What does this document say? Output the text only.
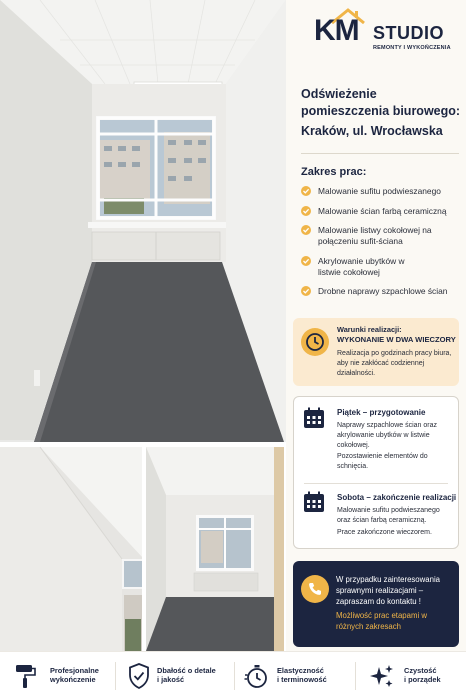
KM STUDIO
REMONTY I WYKOŃCZENIA
Odświeżenie pomieszczenia biurowego:
Kraków, ul. Wrocławska
Zakres prac:
Malowanie sufitu podwieszanego
Malowanie ścian farbą ceramiczną
Malowanie listwy cokołowej na połączeniu sufit-ściana
Akrylowanie ubytków w listwie cokołowej
Drobne naprawy szpachlowe ścian
Warunki realizacji:
WYKONANIE W DWA WIECZORY
Realizacja po godzinach pracy biura, aby nie zakłócać codziennej działalności.
Piątek – przygotowanie
Naprawy szpachlowe ścian oraz akrylowanie ubytków w listwie cokołowej.
Pozostawienie elementów do schnięcia.
Sobota – zakończenie realizacji
Malowanie sufitu podwieszanego oraz ścian farbą ceramiczną.
Prace zakończone wieczorem.
W przypadku zainteresowania sprawnymi realizacjami – zapraszam do kontaktu !
Możliwość prac etapami w różnych zakresach
Profesjonalne
wykończenie
Dbałość o detale
i jakość
Elastyczność
i terminowość
Czystość
i porządek
